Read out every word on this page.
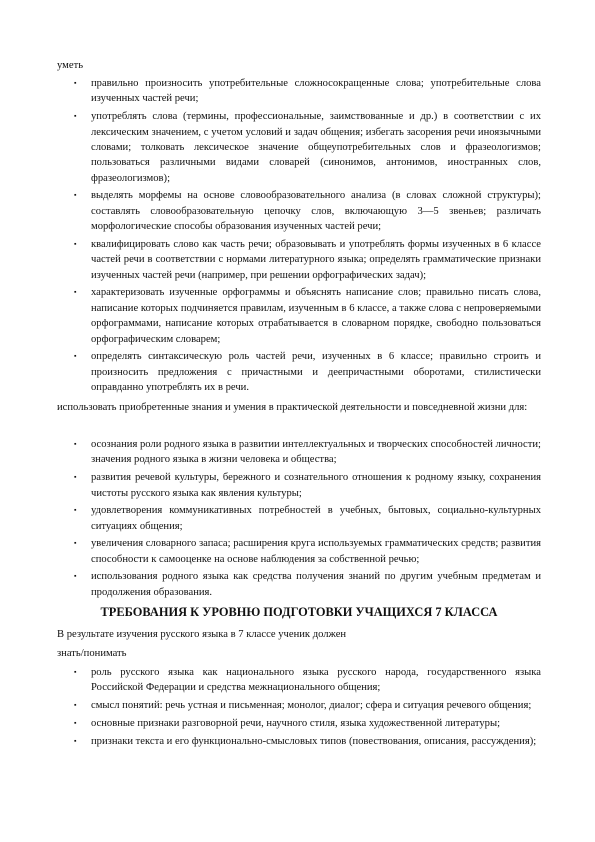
уметь

▪ правильно произносить употребительные сложносокращенные слова; употребительные слова изученных частей речи;
▪ употреблять слова (термины, профессиональные, заимствованные и др.) в соответствии с их лексическим значением, с учетом условий и задач общения; избегать засорения речи иноязычными словами; толковать лексическое значение общеупотребительных слов и фразеологизмов; пользоваться различными видами словарей (синонимов, антонимов, иностранных слов, фразеологизмов);
▪ выделять морфемы на основе словообразовательного анализа (в словах сложной структуры); составлять словообразовательную цепочку слов, включающую 3—5 звеньев; различать морфологические способы образования изученных частей речи;
▪ квалифицировать слово как часть речи; образовывать и употреблять формы изученных в 6 классе частей речи в соответствии с нормами литературного языка; определять грамматические признаки изученных частей речи (например, при решении орфографических задач);
▪ характеризовать изученные орфограммы и объяснять написание слов; правильно писать слова, написание которых подчиняется правилам, изученным в 6 классе, а также слова с непроверяемыми орфограммами, написание которых отрабатывается в словарном порядке, свободно пользоваться орфографическим словарем;
▪ определять синтаксическую роль частей речи, изученных в 6 классе; правильно строить и произносить предложения с причастными и деепричастными оборотами, стилистически оправданно употреблять их в речи.

использовать приобретенные знания и умения в практической деятельности и повседневной жизни для:

▪ осознания роли родного языка в развитии интеллектуальных и творческих способностей личности; значения родного языка в жизни человека и общества;
▪ развития речевой культуры, бережного и сознательного отношения к родному языку, сохранения чистоты русского языка как явления культуры;
▪ удовлетворения коммуникативных потребностей в учебных, бытовых, социально-культурных ситуациях общения;
▪ увеличения словарного запаса; расширения круга используемых грамматических средств; развития способности к самооценке на основе наблюдения за собственной речью;
▪ использования родного языка как средства получения знаний по другим учебным предметам и продолжения образования.

ТРЕБОВАНИЯ К УРОВНЮ ПОДГОТОВКИ УЧАЩИХСЯ 7 КЛАССА

В результате изучения русского языка в 7 классе ученик должен

знать/понимать

▪ роль русского языка как национального языка русского народа, государственного языка Российской Федерации и средства межнационального общения;
▪ смысл понятий: речь устная и письменная; монолог, диалог; сфера и ситуация речевого общения;
▪ основные признаки разговорной речи, научного стиля, языка художественной литературы;
▪ признаки текста и его функционально-смысловых типов (повествования, описания, рассуждения);
